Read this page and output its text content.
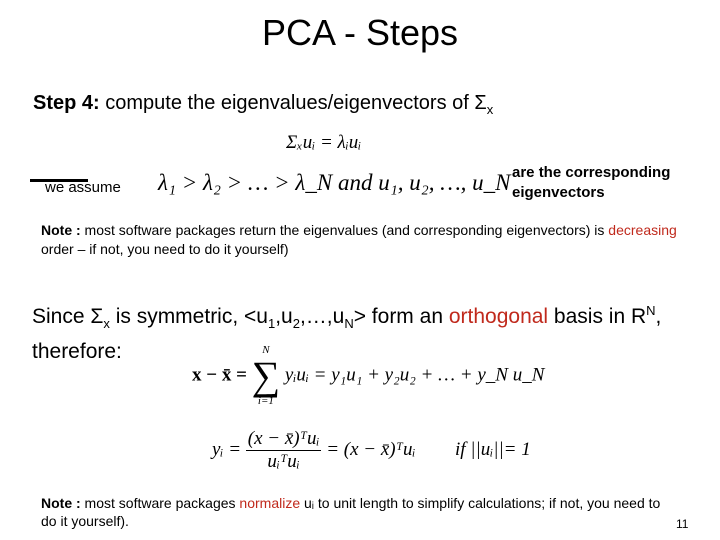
PCA - Steps
Step 4: compute the eigenvalues/eigenvectors of $\Sigma_x$
Σₓuᵢ = λᵢuᵢ
we assume λ₁ > λ₂ > … > λ_N and u₁, u₂, …, u_N are the corresponding eigenvectors
Note : most software packages return the eigenvalues (and corresponding eigenvectors) is decreasing order – if not, you need to do it yourself)
Since $\Sigma_x$ is symmetric, $<u_1,u_2,\dots,u_N>$ form an orthogonal basis in $R^N$, therefore:
x − x̄ =
N
∑
i=1
yᵢuᵢ = y₁u₁ + y₂u₂ + … + y_N u_N
yᵢ = $\frac{\text{(x − x̄)ᵀuᵢ}}{\text{uᵢᵀuᵢ}} = (x$ − x̄)ᵀuᵢ if ||uᵢ||= 1
Note : most software packages normalize uᵢ to unit length to simplify calculations; if not, you need to do it yourself).	11
